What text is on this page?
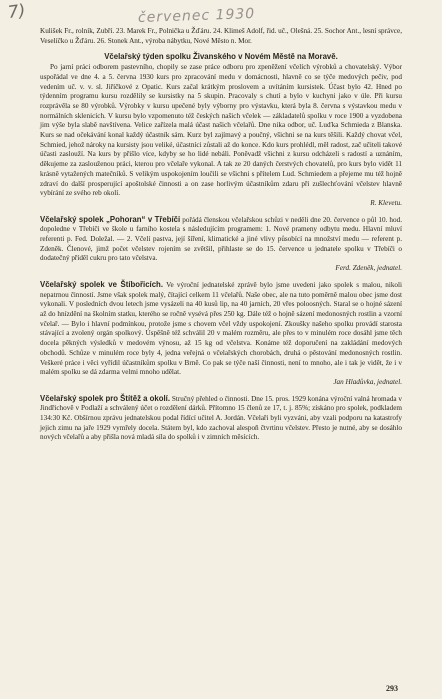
7)	červenec 1930

Kulišek Fr., rolník, Zubří. 23. Marek Fr., Polnička u Žďáru. 24. Klimeš Adolf, řid. uč., Olešná. 25. Sochor Ant., lesní správce, Veselíčko u Žďáru. 26. Stonek Ant., výroba nábytku, Nové Město n. Mor.

Včelařský týden spolku Živanského v Novém Městě na Moravě.

Po jarní práci odborem pastevního, chopily se zase práce odboru pro zpeněžení včelích výrobků a chovatelský. Výbor uspořádal ve dne 4. a 5. června 1930 kurs pro zpracování medu v domácnosti, hlavně co se týče medových pečiv, pod vedením uč. v. v. sl. Jiříčkové z Opatic. Kurs začal krátkým proslovem a uvítáním kursistek. Účast bylo 42. Hned po týdenním programu kursu rozdělily se kursistky na 5 skupin. Pracovaly s chutí a bylo v kuchyni jako v úle. Při kursu rozprávěla se 80 výrobků. Výrobky v kursu upečené byly výborny pro výstavku, která byla 8. června s výstavkou medu v normálních sklenicích. V kursu bylo vzpomenuto též českých našich včelek — základatelů spolku v roce 1900 a vyzdobena jim výše byla slabě navštívena. Velice zařízela malá účast našich včelařů. Dne nika odbor, uč. Luďka Schmieda z Blanska. Kurs se nad očekávání konal každý účastník sám. Kurz byl zajímavý a poučný, všichni se na kurs těšili. Každý chovat včel, Schmied, jehož nároky na kursisty jsou veliké, účastníci zůstali až do konce. Kdo kurs prohlédl, měl radost, zač učiteli takové účasti zaslouží. Na kurs by přišlo více, kdyby se ho lidé nebáli. Poněvadž všichni z kursu odcházeli s radostí a uznáním, děkujeme za zaslouženou práci, kterou pro včelaře vykonal. A tak ze 20 daných čerstvých chovatelů, pro kurs bylo vidět 11 krásně vytažených matečníků. S velikým uspokojením loučili se všichni s přítelem Lud. Schmiedem a přejeme mu též hojně zdraví do další prosperující apoštolské činnosti a on zase horlivým účastníkům zdaru při zušlechťování včelstev hlavně vybírání ze svého reb okolí.

R. Klevetu.

Včelařský spolek „Pohoran“ v Třebíči pořádá členskou včelařskou schůzi v neděli dne 20. července o půl 10. hod. dopoledne v Třebíči ve škole u farního kostela s následujícím programem: 1. Nové prameny odbytu medu. Hlavní mluví referenti p. Fed. Doležal. — 2. Včelí pastva, její šíření, klimatické a jiné vlivy působící na množství medu — referent p. Zdeněk. Členové, jimž počet včelstev rojením se zvětšil, přihlaste se do 15. července u jednatele spolku v Třebíči o dodatečný příděl cukru pro tato včelstva.

Ferd. Zdeněk, jednatel.

Včelařský spolek ve Štíbořicích. Ve výroční jednatelské zprávě bylo jsme uvedeni jako spolek s malou, nikoli nepatrnou činností. Jsme však spolek malý, čítající celkem 11 včelařů. Naše obec, ale na tuto poměrně malou obec jsme dost vykonali. V posledních dvou letech jsme vysázeli na 40 kusů lip, na 40 jarních, 20 vřes poloosných. Staral se o hojné sázení až do hnízdění na školním statku, kterého se ročně vysévá přes 250 kg. Dále též o hojně sázení medonosných rostlin a vzorní včelař. — Bylo i hlavní podmínkou, protože jsme s chovem včel vždy uspokojení. Zkoušky našeho spolku provádí starosta stávající a zvolený orgán spolkový. Úspěšně též schválil 20 v malém rozměru, ale přes to v minulém roce dosáhl jsme těch docela pěkných výsledků v medovém výnosu, až 15 kg od včelstva. Konáme též doporučení na zakládání medových obchodů. Schůze v minulém roce byly 4, jedna veřejná o včelařských chorobách, druhá o pěstování medonosných rostlin. Veškeré práce i věci vyřídil účastníkům spolku v Brně. Co pak se týče naší činnosti, není to mnoho, ale i tak je vidět, že i v malém spolku se dá zdarma velmi mnoho udělat.

Jan Hladůvka, jednatel.

Včelařský spolek pro Štítěž a okolí. Stručný přehled o činnosti. Dne 15. pros. 1929 konána výroční valná hromada v Jindřichově v Podlaží a schválený účet o rozdělení dárků. Přítomno 15 členů ze 17, t. j. 85%; získáno pro spolek, podkladem 134:30 Kč. Obšírnou zprávu jednatelskou podal řídící učitel A. Jordán. Včelaři byli vyzváni, aby vzali podporu na katastrofy jejich zimu na jaře 1929 vymřely docela. Státem byl, kdo zachoval alespoň čtvrtinu včelstev. Přesto je nutné, aby se dosáhlo nových včelařů a aby přišla nová mladá síla do spolků i v zimních měsících.

293
